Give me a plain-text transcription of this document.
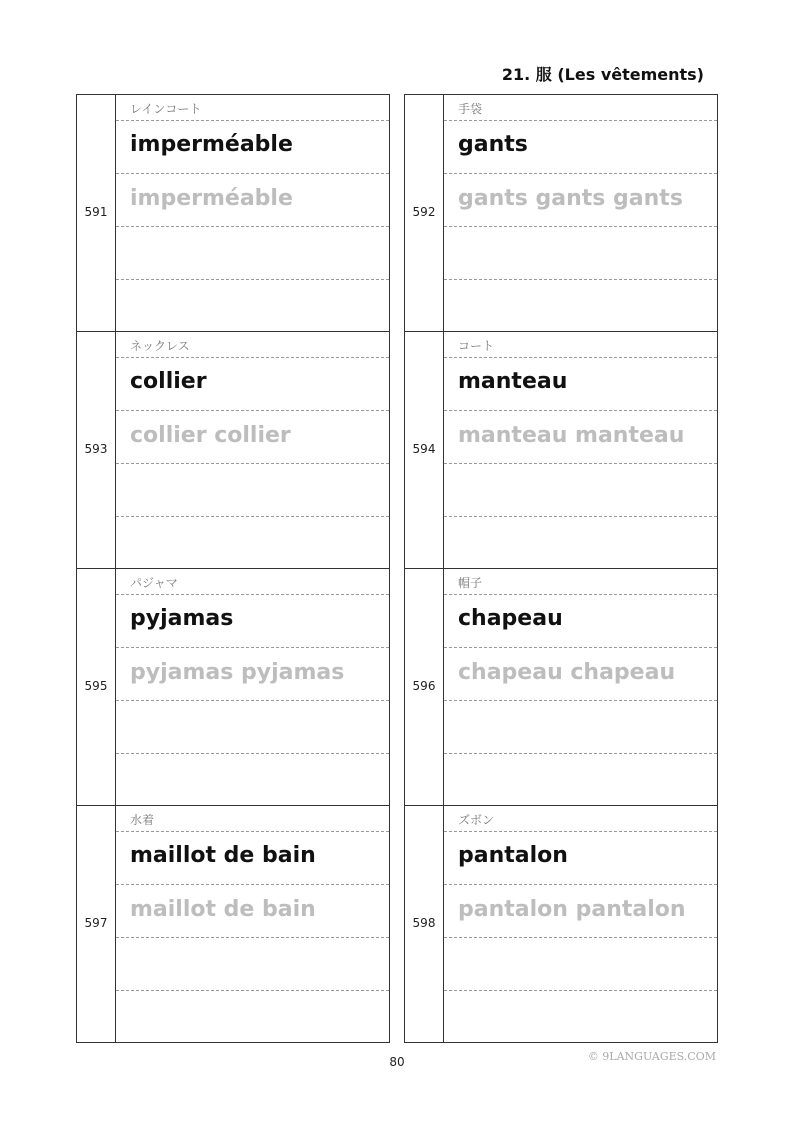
21. 服 (Les vêtements)
591
レインコート
imperméable
imperméable
593
ネックレス
collier
collier collier
595
パジャマ
pyjamas
pyjamas pyjamas
597
水着
maillot de bain
maillot de bain
592
手袋
gants
gants gants gants
594
コート
manteau
manteau manteau
596
帽子
chapeau
chapeau chapeau
598
ズボン
pantalon
pantalon pantalon
80	© 9LANGUAGES.COM
